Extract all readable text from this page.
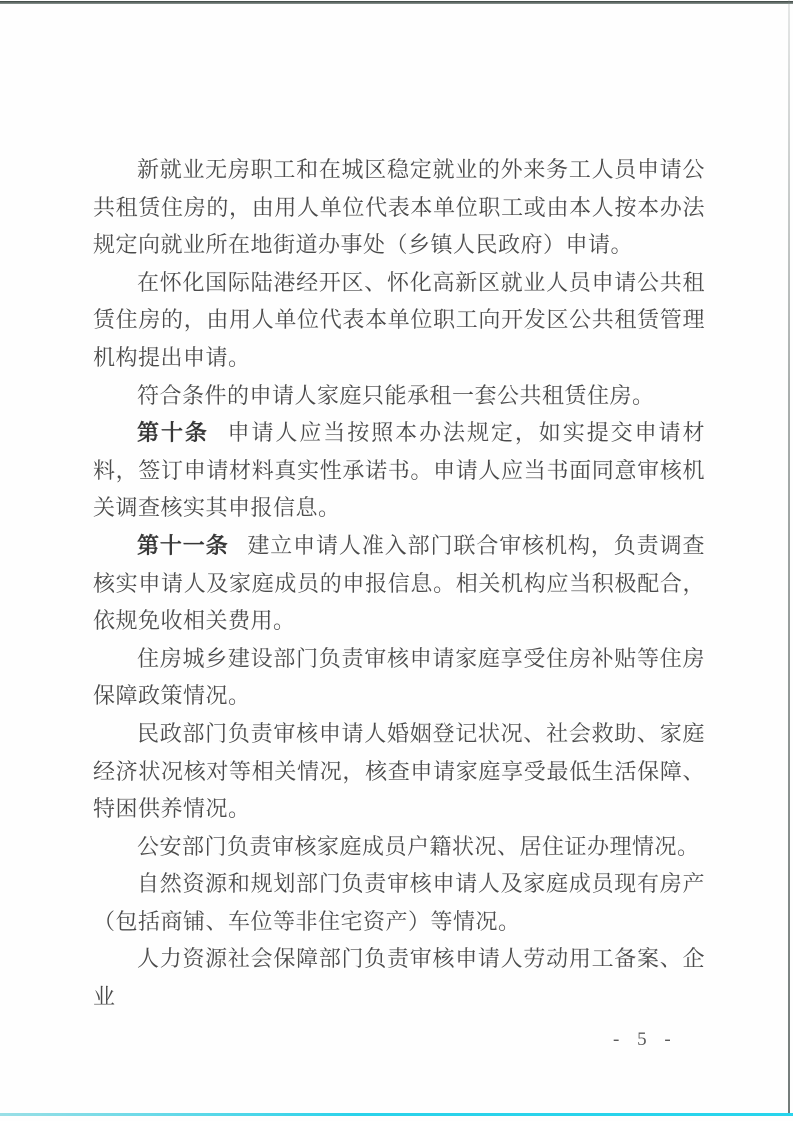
新就业无房职工和在城区稳定就业的外来务工人员申请公共租赁住房的，由用人单位代表本单位职工或由本人按本办法规定向就业所在地街道办事处（乡镇人民政府）申请。

在怀化国际陆港经开区、怀化高新区就业人员申请公共租赁住房的，由用人单位代表本单位职工向开发区公共租赁管理机构提出申请。

符合条件的申请人家庭只能承租一套公共租赁住房。

第十条 申请人应当按照本办法规定，如实提交申请材料，签订申请材料真实性承诺书。申请人应当书面同意审核机关调查核实其申报信息。

第十一条 建立申请人准入部门联合审核机构，负责调查核实申请人及家庭成员的申报信息。相关机构应当积极配合，依规免收相关费用。

住房城乡建设部门负责审核申请家庭享受住房补贴等住房保障政策情况。

民政部门负责审核申请人婚姻登记状况、社会救助、家庭经济状况核对等相关情况，核查申请家庭享受最低生活保障、特困供养情况。

公安部门负责审核家庭成员户籍状况、居住证办理情况。

自然资源和规划部门负责审核申请人及家庭成员现有房产（包括商铺、车位等非住宅资产）等情况。

人力资源社会保障部门负责审核申请人劳动用工备案、企业

- 5 -
